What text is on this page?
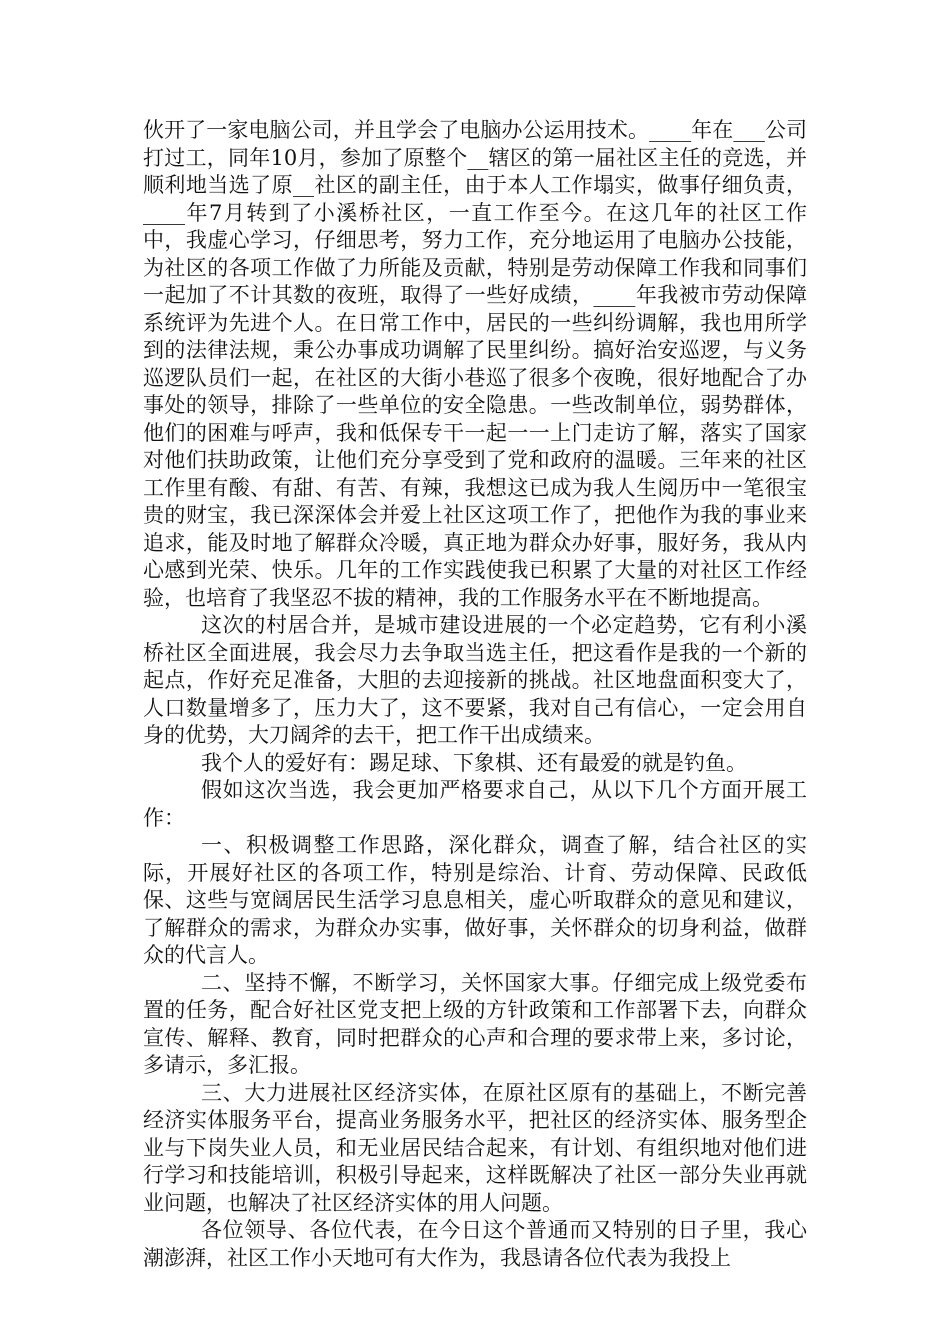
伙开了一家电脑公司，并且学会了电脑办公运用技术。____年在___公司打过工，同年10月，参加了原整个__辖区的第一届社区主任的竞选，并顺利地当选了原__社区的副主任，由于本人工作塌实，做事仔细负责，____年7月转到了小溪桥社区，一直工作至今。在这几年的社区工作中，我虚心学习，仔细思考，努力工作，充分地运用了电脑办公技能，为社区的各项工作做了力所能及贡献，特别是劳动保障工作我和同事们一起加了不计其数的夜班，取得了一些好成绩，____年我被市劳动保障系统评为先进个人。在日常工作中，居民的一些纠纷调解，我也用所学到的法律法规，秉公办事成功调解了民里纠纷。搞好治安巡逻，与义务巡逻队员们一起，在社区的大街小巷巡了很多个夜晚，很好地配合了办事处的领导，排除了一些单位的安全隐患。一些改制单位，弱势群体，他们的困难与呼声，我和低保专干一起一一上门走访了解，落实了国家对他们扶助政策，让他们充分享受到了党和政府的温暖。三年来的社区工作里有酸、有甜、有苦、有辣，我想这已成为我人生阅历中一笔很宝贵的财宝，我已深深体会并爱上社区这项工作了，把他作为我的事业来追求，能及时地了解群众冷暖，真正地为群众办好事，服好务，我从内心感到光荣、快乐。几年的工作实践使我已积累了大量的对社区工作经验，也培育了我坚忍不拔的精神，我的工作服务水平在不断地提高。

这次的村居合并，是城市建设进展的一个必定趋势，它有利小溪桥社区全面进展，我会尽力去争取当选主任，把这看作是我的一个新的起点，作好充足准备，大胆的去迎接新的挑战。社区地盘面积变大了，人口数量增多了，压力大了，这不要紧，我对自己有信心，一定会用自身的优势，大刀阔斧的去干，把工作干出成绩来。

我个人的爱好有：踢足球、下象棋、还有最爱的就是钓鱼。

假如这次当选，我会更加严格要求自己，从以下几个方面开展工作：

一、积极调整工作思路，深化群众，调查了解，结合社区的实际，开展好社区的各项工作，特别是综治、计育、劳动保障、民政低保、这些与宽阔居民生活学习息息相关，虚心听取群众的意见和建议，了解群众的需求，为群众办实事，做好事，关怀群众的切身利益，做群众的代言人。

二、坚持不懈，不断学习，关怀国家大事。仔细完成上级党委布置的任务，配合好社区党支把上级的方针政策和工作部署下去，向群众宣传、解释、教育，同时把群众的心声和合理的要求带上来，多讨论，多请示，多汇报。

三、大力进展社区经济实体，在原社区原有的基础上，不断完善经济实体服务平台，提高业务服务水平，把社区的经济实体、服务型企业与下岗失业人员，和无业居民结合起来，有计划、有组织地对他们进行学习和技能培训，积极引导起来，这样既解决了社区一部分失业再就业问题，也解决了社区经济实体的用人问题。

各位领导、各位代表，在今日这个普通而又特别的日子里，我心潮澎湃，社区工作小天地可有大作为，我恳请各位代表为我投上
